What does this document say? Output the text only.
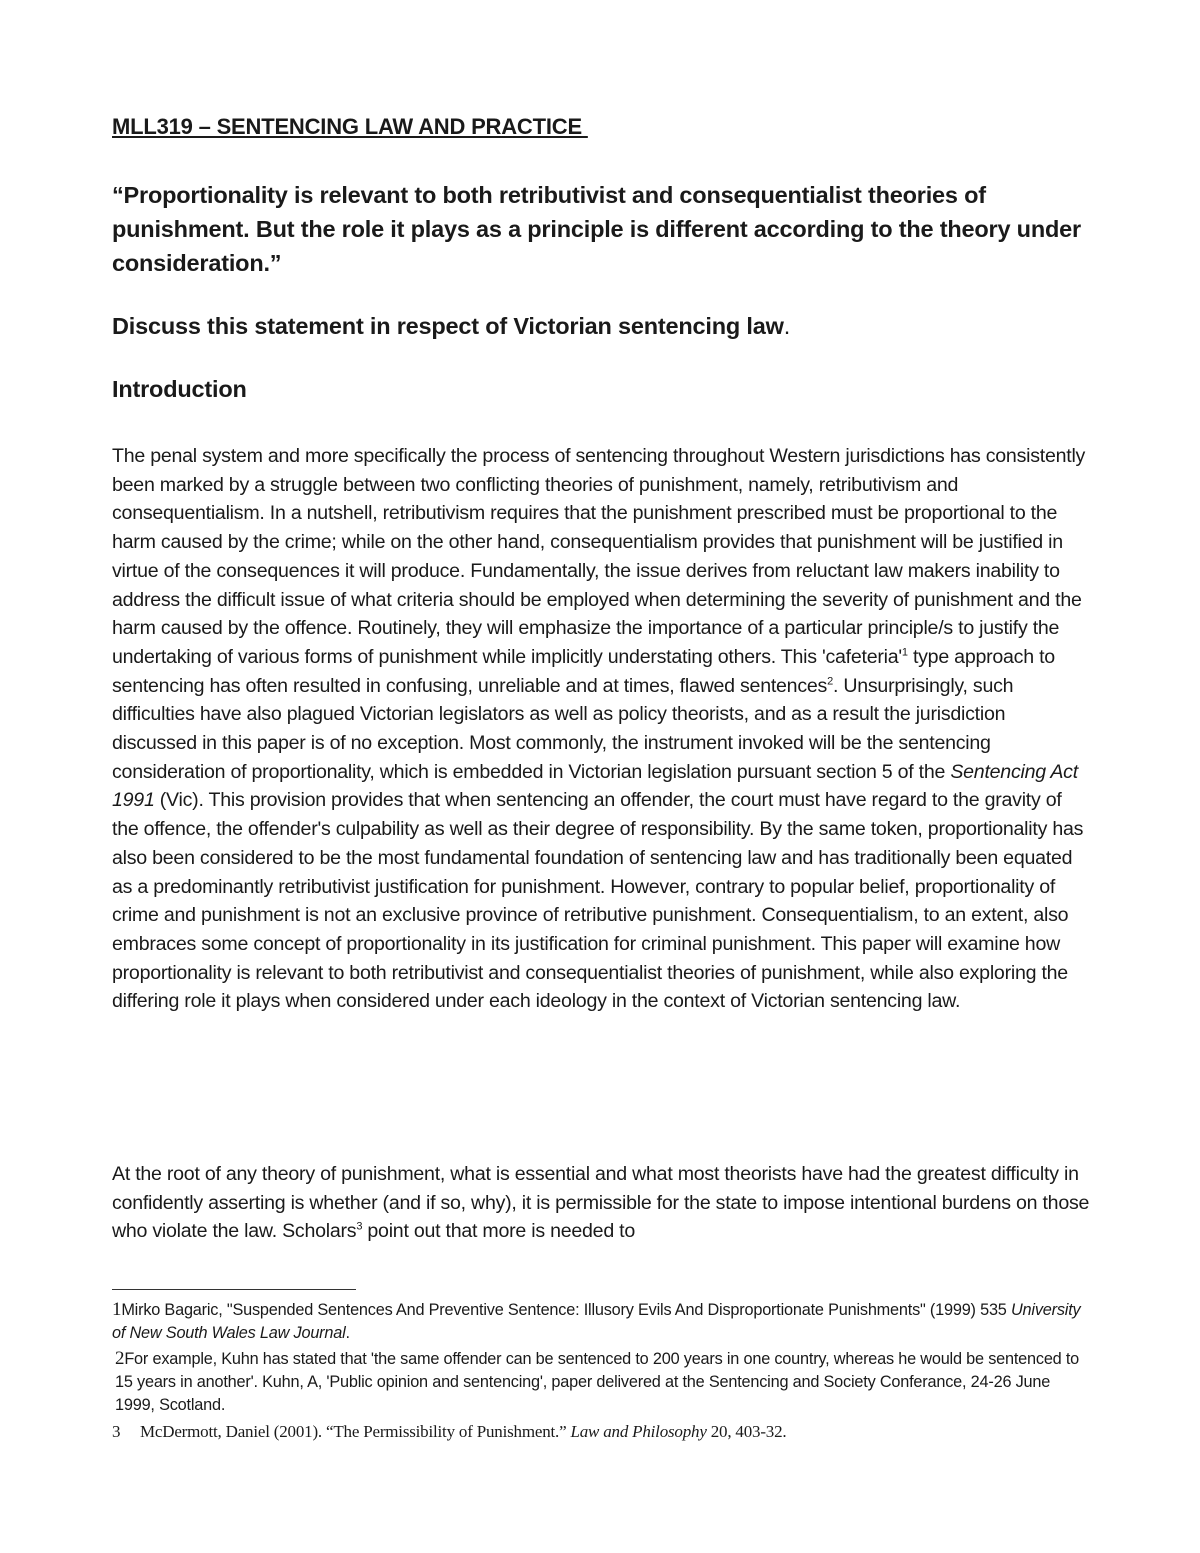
MLL319 – SENTENCING LAW AND PRACTICE

“Proportionality is relevant to both retributivist and consequentialist theories of punishment. But the role it plays as a principle is different according to the theory under consideration.”

Discuss this statement in respect of Victorian sentencing law.

Introduction

The penal system and more specifically the process of sentencing throughout Western jurisdictions has consistently been marked by a struggle between two conflicting theories of punishment, namely, retributivism and consequentialism. In a nutshell, retributivism requires that the punishment prescribed must be proportional to the harm caused by the crime; while on the other hand, consequentialism provides that punishment will be justified in virtue of the consequences it will produce. Fundamentally, the issue derives from reluctant law makers inability to address the difficult issue of what criteria should be employed when determining the severity of punishment and the harm caused by the offence. Routinely, they will emphasize the importance of a particular principle/s to justify the undertaking of various forms of punishment while implicitly understating others. This '$cafeteria'^1$ type approach to sentencing has often resulted in confusing, unreliable and at times, flawed sentences$^2$. Unsurprisingly, such difficulties have also plagued Victorian legislators as well as policy theorists, and as a result the jurisdiction discussed in this paper is of no exception. Most commonly, the instrument invoked will be the sentencing consideration of proportionality, which is embedded in Victorian legislation pursuant section 5 of the Sentencing Act 1991 (Vic). This provision provides that when sentencing an offender, the court must have regard to the gravity of the offence, the offender's culpability as well as their degree of responsibility. By the same token, proportionality has also been considered to be the most fundamental foundation of sentencing law and has traditionally been equated as a predominantly retributivist justification for punishment. However, contrary to popular belief, proportionality of crime and punishment is not an exclusive province of retributive punishment. Consequentialism, to an extent, also embraces some concept of proportionality in its justification for criminal punishment. This paper will examine how proportionality is relevant to both retributivist and consequentialist theories of punishment, while also exploring the differing role it plays when considered under each ideology in the context of Victorian sentencing law.

At the root of any theory of punishment, what is essential and what most theorists have had the greatest difficulty in confidently asserting is whether (and if so, why), it is permissible for the state to impose intentional burdens on those who violate the law. Scholars$^3$ point out that more is needed to

1Mirko Bagaric, "Suspended Sentences And Preventive Sentence: Illusory Evils And Disproportionate Punishments" (1999) 535 University of New South Wales Law Journal.

2For example, Kuhn has stated that 'the same offender can be sentenced to 200 years in one country, whereas he would be sentenced to 15 years in another'. Kuhn, A, 'Public opinion and sentencing', paper delivered at the Sentencing and Society Conferance, 24-26 June 1999, Scotland.

3 McDermott, Daniel (2001). “The Permissibility of Punishment.” Law and Philosophy 20, 403-32.
